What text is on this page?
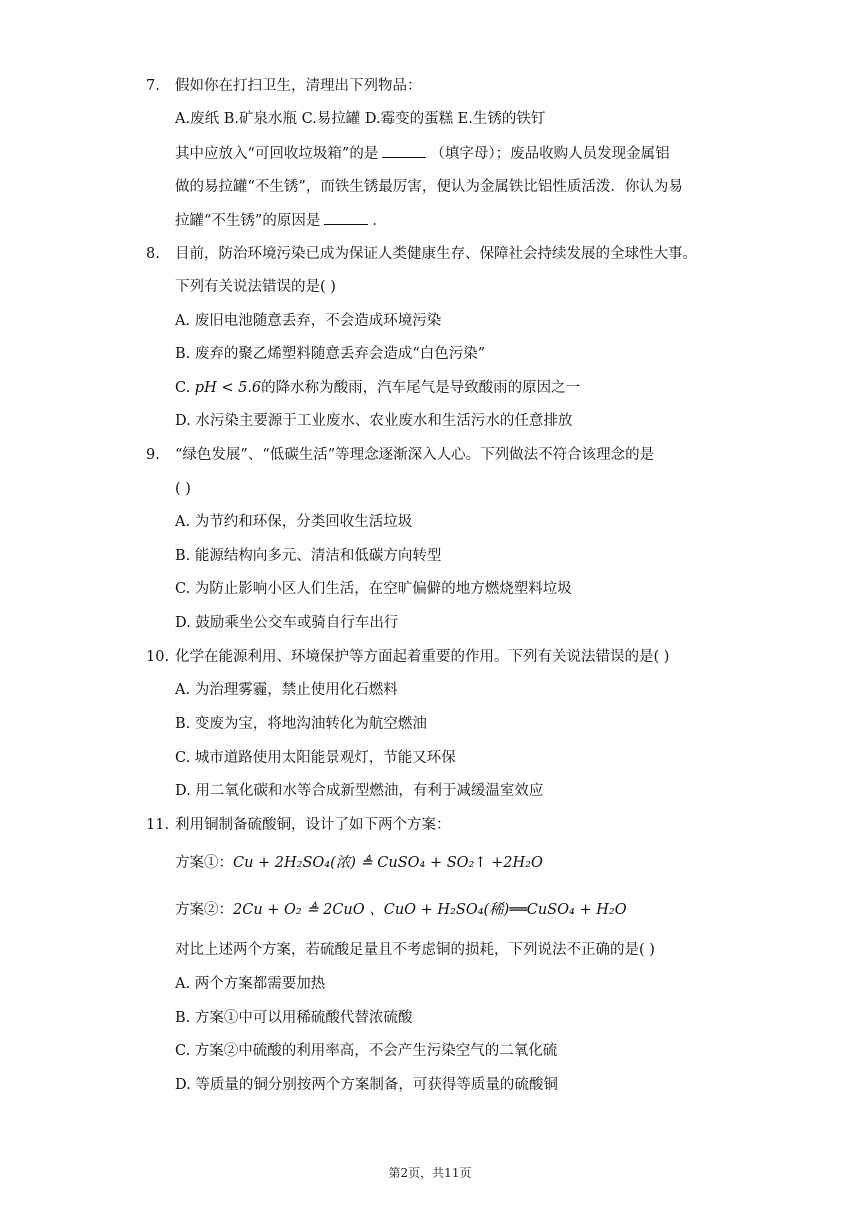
7. 假如你在打扫卫生，清理出下列物品：
A.废纸 B.矿泉水瓶 C.易拉罐 D.霉变的蛋糕 E.生锈的铁钉
其中应放入“可回收垃圾箱”的是	（填字母）；废品收购人员发现金属铝
做的易拉罐“不生锈”，而铁生锈最厉害，便认为金属铁比铝性质活泼．你认为易
拉罐“不生锈”的原因是	．
8. 目前，防治环境污染已成为保证人类健康生存、保障社会持续发展的全球性大事。
下列有关说法错误的是( )
A. 废旧电池随意丢弃，不会造成环境污染
B. 废弃的聚乙烯塑料随意丢弃会造成“白色污染”
C. pH < 5.6的降水称为酸雨，汽车尾气是导致酸雨的原因之一
D. 水污染主要源于工业废水、农业废水和生活污水的任意排放
9. “绿色发展”、“低碳生活”等理念逐渐深入人心。下列做法不符合该理念的是
( )
A. 为节约和环保，分类回收生活垃圾
B. 能源结构向多元、清洁和低碳方向转型
C. 为防止影响小区人们生活，在空旷偏僻的地方燃烧塑料垃圾
D. 鼓励乘坐公交车或骑自行车出行
10. 化学在能源利用、环境保护等方面起着重要的作用。下列有关说法错误的是( )
A. 为治理雾霾，禁止使用化石燃料
B. 变废为宝，将地沟油转化为航空燃油
C. 城市道路使用太阳能景观灯，节能又环保
D. 用二氧化碳和水等合成新型燃油，有利于减缓温室效应
11. 利用铜制备硫酸铜，设计了如下两个方案：
方案①：Cu + 2H₂SO₄(浓) ≜ CuSO₄ + SO₂↑ +2H₂O
方案②：2Cu + O₂ ≜ 2CuO 、CuO + H₂SO₄(稀)══CuSO₄ + H₂O
对比上述两个方案，若硫酸足量且不考虑铜的损耗，下列说法不正确的是( )
A. 两个方案都需要加热
B. 方案①中可以用稀硫酸代替浓硫酸
C. 方案②中硫酸的利用率高，不会产生污染空气的二氧化硫
D. 等质量的铜分别按两个方案制备，可获得等质量的硫酸铜
第2页，共11页
